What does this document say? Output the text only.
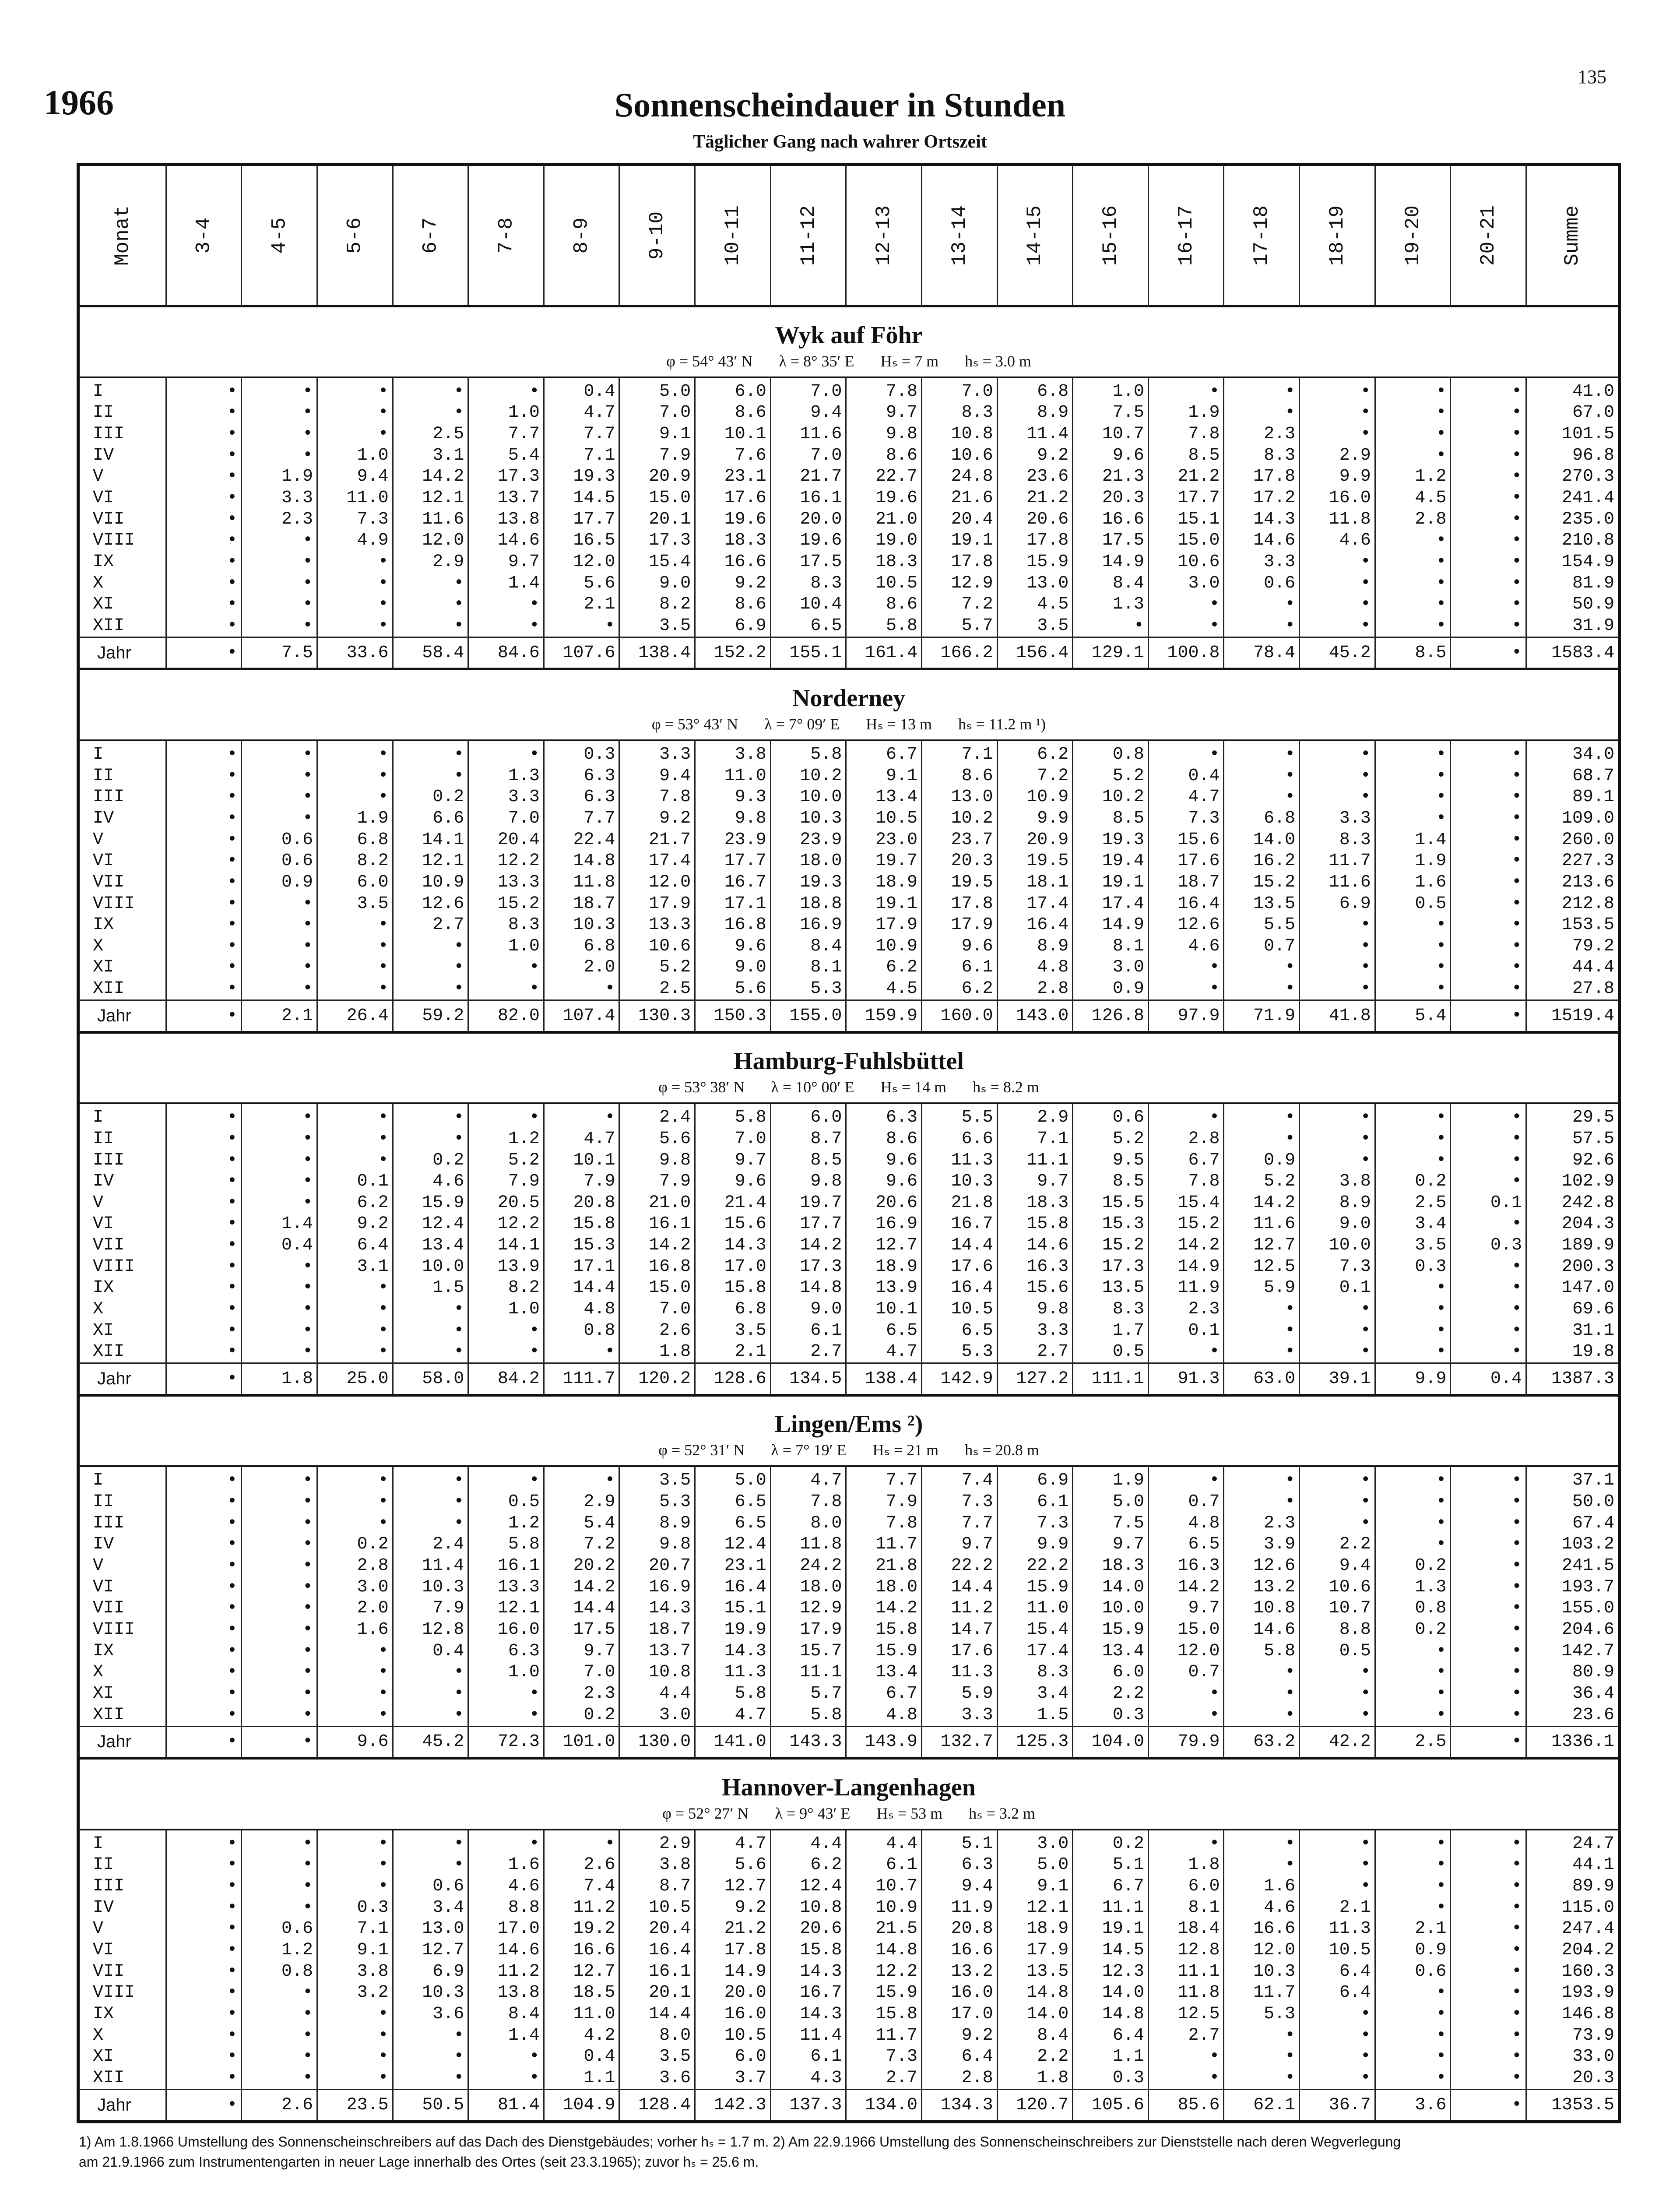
135
1966	Sonnenscheindauer in Stunden
Täglicher Gang nach wahrer Ortszeit
Monat	3-4	4-5	5-6	6-7	7-8	8-9	9-10	10-11	11-12	12-13	13-14	14-15	15-16	16-17	17-18	18-19	19-20	20-21	Summe
Wyk auf Föhr																			
φ = 54° 43′ N λ = 8° 35′ E Hₛ = 7 m hₛ = 3.0 m																			
I	•	•	•	•	•	0.4	5.0	6.0	7.0	7.8	7.0	6.8	1.0	•	•	•	•	•	41.0
II	•	•	•	•	1.0	4.7	7.0	8.6	9.4	9.7	8.3	8.9	7.5	1.9	•	•	•	•	67.0
III	•	•	•	2.5	7.7	7.7	9.1	10.1	11.6	9.8	10.8	11.4	10.7	7.8	2.3	•	•	•	101.5
IV	•	•	1.0	3.1	5.4	7.1	7.9	7.6	7.0	8.6	10.6	9.2	9.6	8.5	8.3	2.9	•	•	96.8
V	•	1.9	9.4	14.2	17.3	19.3	20.9	23.1	21.7	22.7	24.8	23.6	21.3	21.2	17.8	9.9	1.2	•	270.3
VI	•	3.3	11.0	12.1	13.7	14.5	15.0	17.6	16.1	19.6	21.6	21.2	20.3	17.7	17.2	16.0	4.5	•	241.4
VII	•	2.3	7.3	11.6	13.8	17.7	20.1	19.6	20.0	21.0	20.4	20.6	16.6	15.1	14.3	11.8	2.8	•	235.0
VIII	•	•	4.9	12.0	14.6	16.5	17.3	18.3	19.6	19.0	19.1	17.8	17.5	15.0	14.6	4.6	•	•	210.8
IX	•	•	•	2.9	9.7	12.0	15.4	16.6	17.5	18.3	17.8	15.9	14.9	10.6	3.3	•	•	•	154.9
X	•	•	•	•	1.4	5.6	9.0	9.2	8.3	10.5	12.9	13.0	8.4	3.0	0.6	•	•	•	81.9
XI	•	•	•	•	•	2.1	8.2	8.6	10.4	8.6	7.2	4.5	1.3	•	•	•	•	•	50.9
XII	•	•	•	•	•	•	3.5	6.9	6.5	5.8	5.7	3.5	•	•	•	•	•	•	31.9
Jahr	•	7.5	33.6	58.4	84.6	107.6	138.4	152.2	155.1	161.4	166.2	156.4	129.1	100.8	78.4	45.2	8.5	•	1583.4
Norderney																			
φ = 53° 43′ N λ = 7° 09′ E Hₛ = 13 m hₛ = 11.2 m ¹)																			
I	•	•	•	•	•	0.3	3.3	3.8	5.8	6.7	7.1	6.2	0.8	•	•	•	•	•	34.0
II	•	•	•	•	1.3	6.3	9.4	11.0	10.2	9.1	8.6	7.2	5.2	0.4	•	•	•	•	68.7
III	•	•	•	0.2	3.3	6.3	7.8	9.3	10.0	13.4	13.0	10.9	10.2	4.7	•	•	•	•	89.1
IV	•	•	1.9	6.6	7.0	7.7	9.2	9.8	10.3	10.5	10.2	9.9	8.5	7.3	6.8	3.3	•	•	109.0
V	•	0.6	6.8	14.1	20.4	22.4	21.7	23.9	23.9	23.0	23.7	20.9	19.3	15.6	14.0	8.3	1.4	•	260.0
VI	•	0.6	8.2	12.1	12.2	14.8	17.4	17.7	18.0	19.7	20.3	19.5	19.4	17.6	16.2	11.7	1.9	•	227.3
VII	•	0.9	6.0	10.9	13.3	11.8	12.0	16.7	19.3	18.9	19.5	18.1	19.1	18.7	15.2	11.6	1.6	•	213.6
VIII	•	•	3.5	12.6	15.2	18.7	17.9	17.1	18.8	19.1	17.8	17.4	17.4	16.4	13.5	6.9	0.5	•	212.8
IX	•	•	•	2.7	8.3	10.3	13.3	16.8	16.9	17.9	17.9	16.4	14.9	12.6	5.5	•	•	•	153.5
X	•	•	•	•	1.0	6.8	10.6	9.6	8.4	10.9	9.6	8.9	8.1	4.6	0.7	•	•	•	79.2
XI	•	•	•	•	•	2.0	5.2	9.0	8.1	6.2	6.1	4.8	3.0	•	•	•	•	•	44.4
XII	•	•	•	•	•	•	2.5	5.6	5.3	4.5	6.2	2.8	0.9	•	•	•	•	•	27.8
Jahr	•	2.1	26.4	59.2	82.0	107.4	130.3	150.3	155.0	159.9	160.0	143.0	126.8	97.9	71.9	41.8	5.4	•	1519.4
Hamburg-Fuhlsbüttel																			
φ = 53° 38′ N λ = 10° 00′ E Hₛ = 14 m hₛ = 8.2 m																			
I	•	•	•	•	•	•	2.4	5.8	6.0	6.3	5.5	2.9	0.6	•	•	•	•	•	29.5
II	•	•	•	•	1.2	4.7	5.6	7.0	8.7	8.6	6.6	7.1	5.2	2.8	•	•	•	•	57.5
III	•	•	•	0.2	5.2	10.1	9.8	9.7	8.5	9.6	11.3	11.1	9.5	6.7	0.9	•	•	•	92.6
IV	•	•	0.1	4.6	7.9	7.9	7.9	9.6	9.8	9.6	10.3	9.7	8.5	7.8	5.2	3.8	0.2	•	102.9
V	•	•	6.2	15.9	20.5	20.8	21.0	21.4	19.7	20.6	21.8	18.3	15.5	15.4	14.2	8.9	2.5	0.1	242.8
VI	•	1.4	9.2	12.4	12.2	15.8	16.1	15.6	17.7	16.9	16.7	15.8	15.3	15.2	11.6	9.0	3.4	•	204.3
VII	•	0.4	6.4	13.4	14.1	15.3	14.2	14.3	14.2	12.7	14.4	14.6	15.2	14.2	12.7	10.0	3.5	0.3	189.9
VIII	•	•	3.1	10.0	13.9	17.1	16.8	17.0	17.3	18.9	17.6	16.3	17.3	14.9	12.5	7.3	0.3	•	200.3
IX	•	•	•	1.5	8.2	14.4	15.0	15.8	14.8	13.9	16.4	15.6	13.5	11.9	5.9	0.1	•	•	147.0
X	•	•	•	•	1.0	4.8	7.0	6.8	9.0	10.1	10.5	9.8	8.3	2.3	•	•	•	•	69.6
XI	•	•	•	•	•	0.8	2.6	3.5	6.1	6.5	6.5	3.3	1.7	0.1	•	•	•	•	31.1
XII	•	•	•	•	•	•	1.8	2.1	2.7	4.7	5.3	2.7	0.5	•	•	•	•	•	19.8
Jahr	•	1.8	25.0	58.0	84.2	111.7	120.2	128.6	134.5	138.4	142.9	127.2	111.1	91.3	63.0	39.1	9.9	0.4	1387.3
Lingen/Ems ²)																			
φ = 52° 31′ N λ = 7° 19′ E Hₛ = 21 m hₛ = 20.8 m																			
I	•	•	•	•	•	•	3.5	5.0	4.7	7.7	7.4	6.9	1.9	•	•	•	•	•	37.1
II	•	•	•	•	0.5	2.9	5.3	6.5	7.8	7.9	7.3	6.1	5.0	0.7	•	•	•	•	50.0
III	•	•	•	•	1.2	5.4	8.9	6.5	8.0	7.8	7.7	7.3	7.5	4.8	2.3	•	•	•	67.4
IV	•	•	0.2	2.4	5.8	7.2	9.8	12.4	11.8	11.7	9.7	9.9	9.7	6.5	3.9	2.2	•	•	103.2
V	•	•	2.8	11.4	16.1	20.2	20.7	23.1	24.2	21.8	22.2	22.2	18.3	16.3	12.6	9.4	0.2	•	241.5
VI	•	•	3.0	10.3	13.3	14.2	16.9	16.4	18.0	18.0	14.4	15.9	14.0	14.2	13.2	10.6	1.3	•	193.7
VII	•	•	2.0	7.9	12.1	14.4	14.3	15.1	12.9	14.2	11.2	11.0	10.0	9.7	10.8	10.7	0.8	•	155.0
VIII	•	•	1.6	12.8	16.0	17.5	18.7	19.9	17.9	15.8	14.7	15.4	15.9	15.0	14.6	8.8	0.2	•	204.6
IX	•	•	•	0.4	6.3	9.7	13.7	14.3	15.7	15.9	17.6	17.4	13.4	12.0	5.8	0.5	•	•	142.7
X	•	•	•	•	1.0	7.0	10.8	11.3	11.1	13.4	11.3	8.3	6.0	0.7	•	•	•	•	80.9
XI	•	•	•	•	•	2.3	4.4	5.8	5.7	6.7	5.9	3.4	2.2	•	•	•	•	•	36.4
XII	•	•	•	•	•	0.2	3.0	4.7	5.8	4.8	3.3	1.5	0.3	•	•	•	•	•	23.6
Jahr	•	•	9.6	45.2	72.3	101.0	130.0	141.0	143.3	143.9	132.7	125.3	104.0	79.9	63.2	42.2	2.5	•	1336.1
Hannover-Langenhagen																			
φ = 52° 27′ N λ = 9° 43′ E Hₛ = 53 m hₛ = 3.2 m																			
I	•	•	•	•	•	•	2.9	4.7	4.4	4.4	5.1	3.0	0.2	•	•	•	•	•	24.7
II	•	•	•	•	1.6	2.6	3.8	5.6	6.2	6.1	6.3	5.0	5.1	1.8	•	•	•	•	44.1
III	•	•	•	0.6	4.6	7.4	8.7	12.7	12.4	10.7	9.4	9.1	6.7	6.0	1.6	•	•	•	89.9
IV	•	•	0.3	3.4	8.8	11.2	10.5	9.2	10.8	10.9	11.9	12.1	11.1	8.1	4.6	2.1	•	•	115.0
V	•	0.6	7.1	13.0	17.0	19.2	20.4	21.2	20.6	21.5	20.8	18.9	19.1	18.4	16.6	11.3	2.1	•	247.4
VI	•	1.2	9.1	12.7	14.6	16.6	16.4	17.8	15.8	14.8	16.6	17.9	14.5	12.8	12.0	10.5	0.9	•	204.2
VII	•	0.8	3.8	6.9	11.2	12.7	16.1	14.9	14.3	12.2	13.2	13.5	12.3	11.1	10.3	6.4	0.6	•	160.3
VIII	•	•	3.2	10.3	13.8	18.5	20.1	20.0	16.7	15.9	16.0	14.8	14.0	11.8	11.7	6.4	•	•	193.9
IX	•	•	•	3.6	8.4	11.0	14.4	16.0	14.3	15.8	17.0	14.0	14.8	12.5	5.3	•	•	•	146.8
X	•	•	•	•	1.4	4.2	8.0	10.5	11.4	11.7	9.2	8.4	6.4	2.7	•	•	•	•	73.9
XI	•	•	•	•	•	0.4	3.5	6.0	6.1	7.3	6.4	2.2	1.1	•	•	•	•	•	33.0
XII	•	•	•	•	•	1.1	3.6	3.7	4.3	2.7	2.8	1.8	0.3	•	•	•	•	•	20.3
Jahr	•	2.6	23.5	50.5	81.4	104.9	128.4	142.3	137.3	134.0	134.3	120.7	105.6	85.6	62.1	36.7	3.6	•	1353.5
1) Am 1.8.1966 Umstellung des Sonnenscheinschreibers auf das Dach des Dienstgebäudes; vorher hₛ = 1.7 m. 2) Am 22.9.1966 Umstellung des Sonnenscheinschreibers zur Dienststelle nach deren Wegverlegung
am 21.9.1966 zum Instrumentengarten in neuer Lage innerhalb des Ortes (seit 23.3.1965); zuvor hₛ = 25.6 m.
